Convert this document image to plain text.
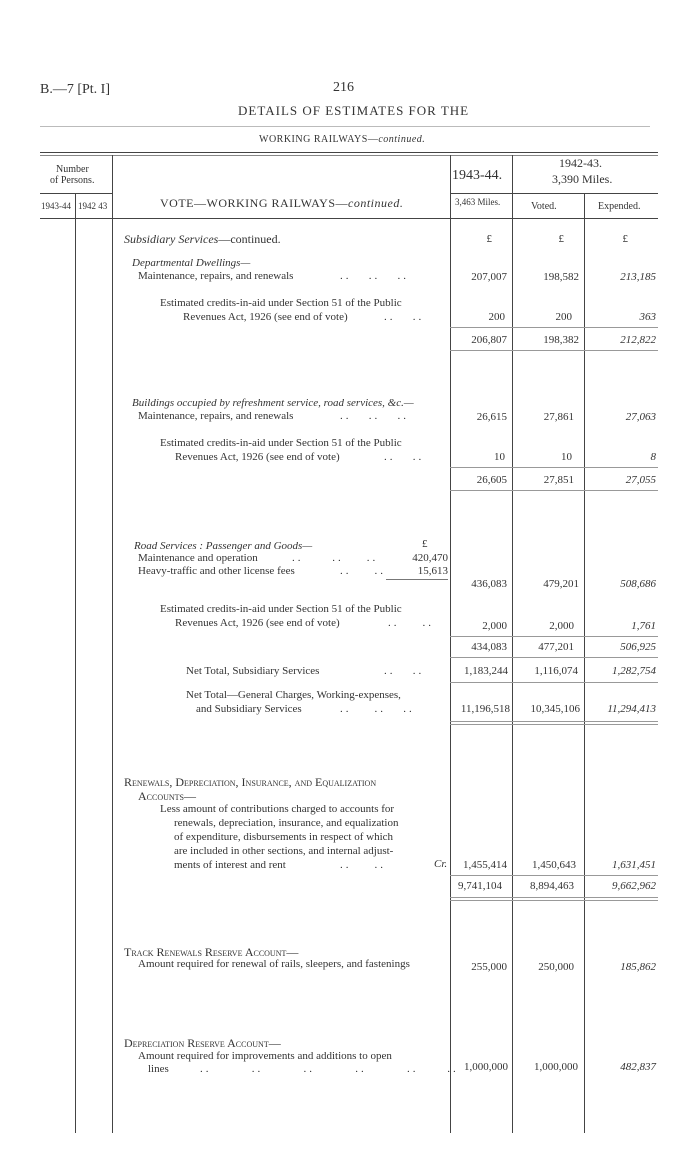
B.—7 [Pt. I]	216
DETAILS OF ESTIMATES FOR THE
WORKING RAILWAYS—continued.
Number
of Persons.
1943-44 1942 43	VOTE—WORKING RAILWAYS—continued.
1943-44.
3,463 Miles.
1942-43.
3,390 Miles.
Voted.	Expended.
Subsidiary Services—continued.	£	£	£
Departmental Dwellings—
Maintenance, repairs, and renewals	..   ..   ..	207,007	198,582	213,185
Estimated credits-in-aid under Section 51 of the Public
Revenues Act, 1926 (see end of vote)	..   ..	200	200	363
206,807	198,382	212,822
Buildings occupied by refreshment service, road services, &c.—
Maintenance, repairs, and renewals	..   ..   ..	26,615	27,861	27,063
Estimated credits-in-aid under Section 51 of the Public
Revenues Act, 1926 (see end of vote)	..   ..	10	10	8
26,605	27,851	27,055
Road Services : Passenger and Goods—	£
Maintenance and operation	..     ..    ..	420,470
Heavy-traffic and other license fees	..    ..	15,613
436,083	479,201	508,686
Estimated credits-in-aid under Section 51 of the Public
Revenues Act, 1926 (see end of vote)	..    ..	2,000	2,000	1,761
434,083	477,201	506,925
Net Total, Subsidiary Services	..   ..	1,183,244	1,116,074	1,282,754
Net Total—General Charges, Working-expenses,
and Subsidiary Services	..    ..   ..	11,196,518	10,345,106	11,294,413
Renewals, Depreciation, Insurance, and Equalization
Accounts—
Less amount of contributions charged to accounts for
renewals, depreciation, insurance, and equalization
of expenditure, disbursements in respect of which
are included in other sections, and internal adjust-
ments of interest and rent	..    ..	Cr.	1,455,414	1,450,643	1,631,451
9,741,104	8,894,463	9,662,962
Track Renewals Reserve Account—
Amount required for renewal of rails, sleepers, and fastenings	255,000	250,000	185,862
Depreciation Reserve Account—
Amount required for improvements and additions to open
lines	..       ..       ..       ..       ..     .. 1,000,000	1,000,000	482,837
